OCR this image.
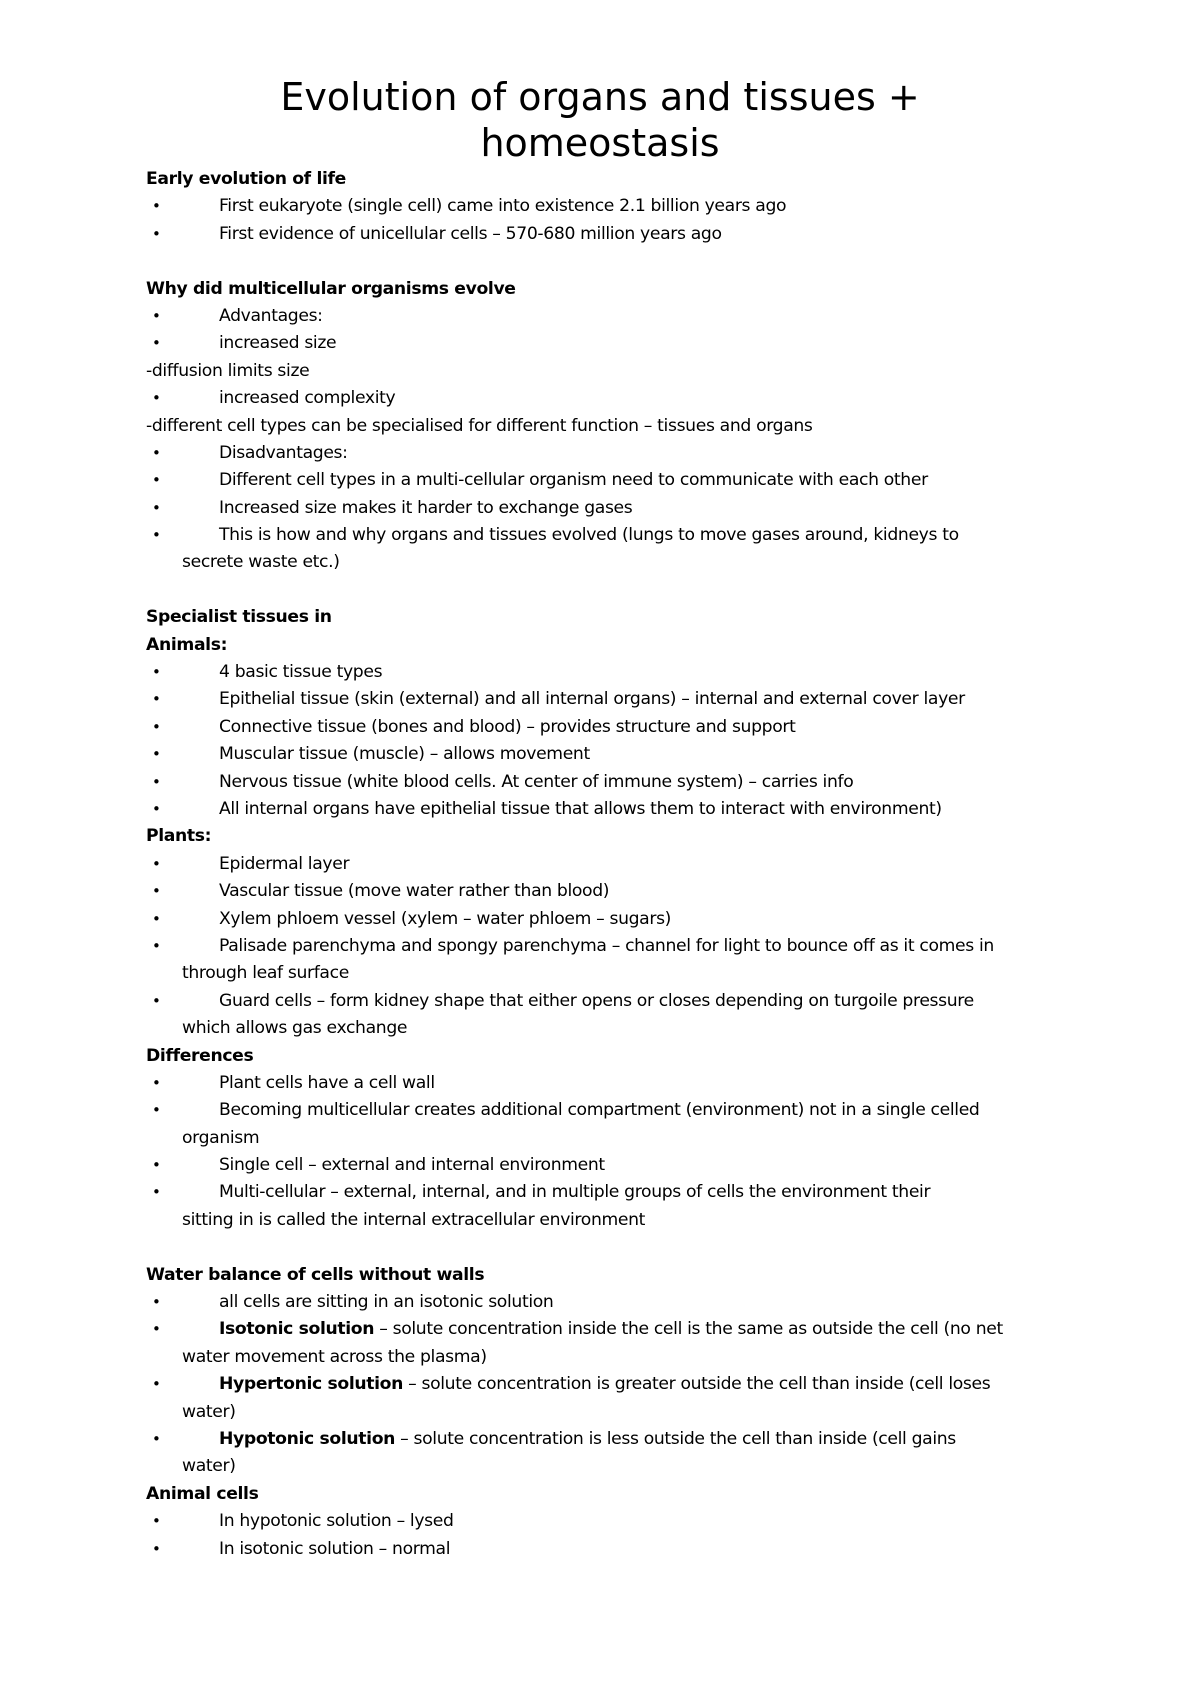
Evolution of organs and tissues +
homeostasis
Early evolution of life
•	First eukaryote (single cell) came into existence 2.1 billion years ago
•	First evidence of unicellular cells – 570-680 million years ago
Why did multicellular organisms evolve
•	Advantages:
•	increased size
-diffusion limits size
•	increased complexity
-different cell types can be specialised for different function – tissues and organs
•	Disadvantages:
•	Different cell types in a multi-cellular organism need to communicate with each other
•	Increased size makes it harder to exchange gases
•	This is how and why organs and tissues evolved (lungs to move gases around, kidneys to
secrete waste etc.)
Specialist tissues in
Animals:
•	4 basic tissue types
•	Epithelial tissue (skin (external) and all internal organs) – internal and external cover layer
•	Connective tissue (bones and blood) – provides structure and support
•	Muscular tissue (muscle) – allows movement
•	Nervous tissue (white blood cells. At center of immune system) – carries info
•	All internal organs have epithelial tissue that allows them to interact with environment)
Plants:
•	Epidermal layer
•	Vascular tissue (move water rather than blood)
•	Xylem phloem vessel (xylem – water phloem – sugars)
•	Palisade parenchyma and spongy parenchyma – channel for light to bounce off as it comes in
through leaf surface
•	Guard cells – form kidney shape that either opens or closes depending on turgoile pressure
which allows gas exchange
Differences
•	Plant cells have a cell wall
•	Becoming multicellular creates additional compartment (environment) not in a single celled
organism
•	Single cell – external and internal environment
•	Multi-cellular – external, internal, and in multiple groups of cells the environment their
sitting in is called the internal extracellular environment
Water balance of cells without walls
•	all cells are sitting in an isotonic solution
•	Isotonic solution – solute concentration inside the cell is the same as outside the cell (no net
water movement across the plasma)
•	Hypertonic solution – solute concentration is greater outside the cell than inside (cell loses
water)
•	Hypotonic solution – solute concentration is less outside the cell than inside (cell gains
water)
Animal cells
•	In hypotonic solution – lysed
•	In isotonic solution – normal
